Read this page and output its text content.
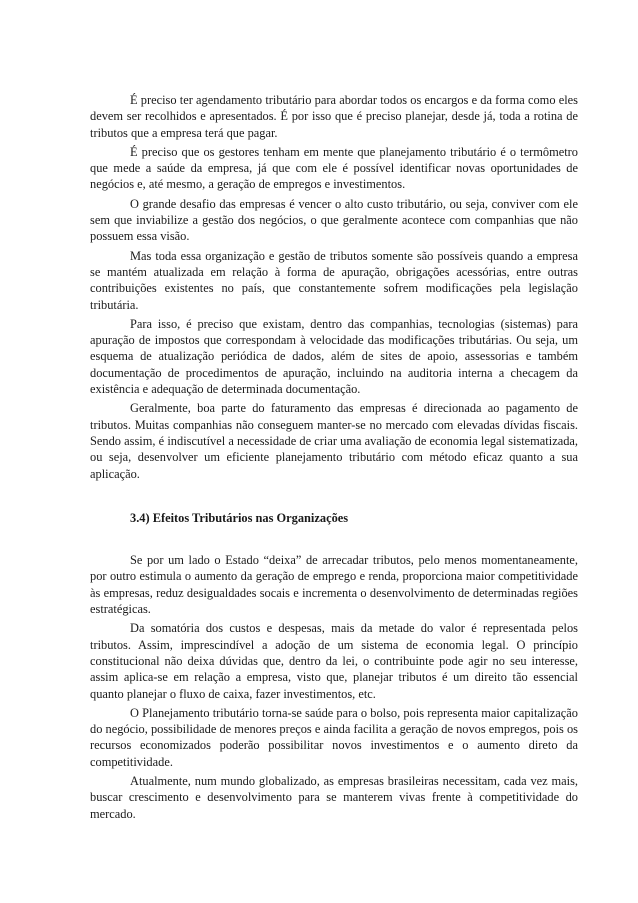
É preciso ter agendamento tributário para abordar todos os encargos e da forma como eles devem ser recolhidos e apresentados. É por isso que é preciso planejar, desde já, toda a rotina de tributos que a empresa terá que pagar.

É preciso que os gestores tenham em mente que planejamento tributário é o termômetro que mede a saúde da empresa, já que com ele é possível identificar novas oportunidades de negócios e, até mesmo, a geração de empregos e investimentos.

O grande desafio das empresas é vencer o alto custo tributário, ou seja, conviver com ele sem que inviabilize a gestão dos negócios, o que geralmente acontece com companhias que não possuem essa visão.

Mas toda essa organização e gestão de tributos somente são possíveis quando a empresa se mantém atualizada em relação à forma de apuração, obrigações acessórias, entre outras contribuições existentes no país, que constantemente sofrem modificações pela legislação tributária.

Para isso, é preciso que existam, dentro das companhias, tecnologias (sistemas) para apuração de impostos que correspondam à velocidade das modificações tributárias. Ou seja, um esquema de atualização periódica de dados, além de sites de apoio, assessorias e também documentação de procedimentos de apuração, incluindo na auditoria interna a checagem da existência e adequação de determinada documentação.

Geralmente, boa parte do faturamento das empresas é direcionada ao pagamento de tributos. Muitas companhias não conseguem manter-se no mercado com elevadas dívidas fiscais. Sendo assim, é indiscutível a necessidade de criar uma avaliação de economia legal sistematizada, ou seja, desenvolver um eficiente planejamento tributário com método eficaz quanto a sua aplicação.

3.4) Efeitos Tributários nas Organizações

Se por um lado o Estado “deixa” de arrecadar tributos, pelo menos momentaneamente, por outro estimula o aumento da geração de emprego e renda, proporciona maior competitividade às empresas, reduz desigualdades socais e incrementa o desenvolvimento de determinadas regiões estratégicas.

Da somatória dos custos e despesas, mais da metade do valor é representada pelos tributos. Assim, imprescindível a adoção de um sistema de economia legal. O princípio constitucional não deixa dúvidas que, dentro da lei, o contribuinte pode agir no seu interesse, assim aplica-se em relação a empresa, visto que, planejar tributos é um direito tão essencial quanto planejar o fluxo de caixa, fazer investimentos, etc.

O Planejamento tributário torna-se saúde para o bolso, pois representa maior capitalização do negócio, possibilidade de menores preços e ainda facilita a geração de novos empregos, pois os recursos economizados poderão possibilitar novos investimentos e o aumento direto da competitividade.

Atualmente, num mundo globalizado, as empresas brasileiras necessitam, cada vez mais, buscar crescimento e desenvolvimento para se manterem vivas frente à competitividade do mercado.
